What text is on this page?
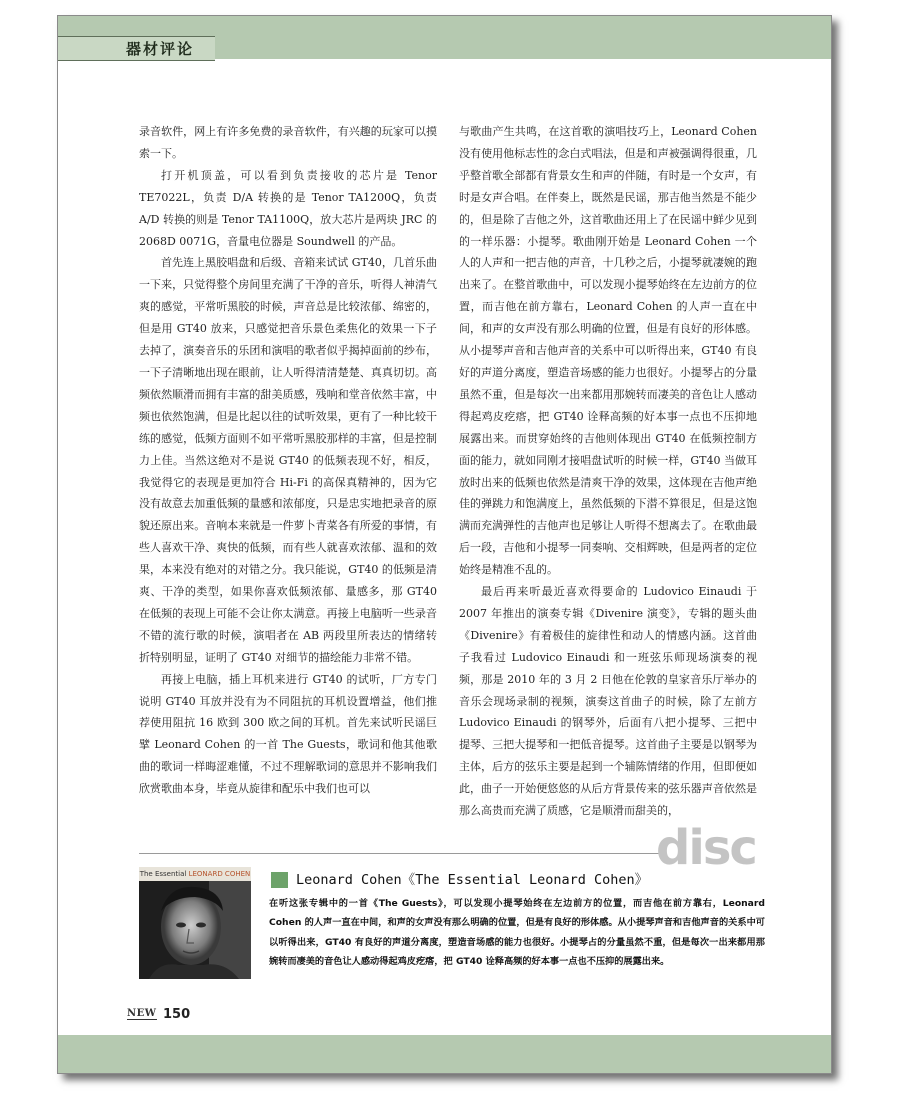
器材评论

录音软件，网上有许多免费的录音软件，有兴趣的玩家可以摸索一下。

打开机顶盖，可以看到负责接收的芯片是 Tenor TE7022L，负责 D/A 转换的是 Tenor TA1200Q，负责 A/D 转换的则是 Tenor TA1100Q，放大芯片是两块 JRC 的 2068D 0071G，音量电位器是 Soundwell 的产品。

首先连上黑胶唱盘和后级、音箱来试试 GT40，几首乐曲一下来，只觉得整个房间里充满了干净的音乐，听得人神清气爽的感觉，平常听黑胶的时候，声音总是比较浓郁、绵密的，但是用 GT40 放来，只感觉把音乐景色柔焦化的效果一下子去掉了，演奏音乐的乐团和演唱的歌者似乎揭掉面前的纱布，一下子清晰地出现在眼前，让人听得清清楚楚、真真切切。高频依然顺滑而拥有丰富的甜美质感，残响和堂音依然丰富，中频也依然饱满，但是比起以往的试听效果，更有了一种比较干练的感觉，低频方面则不如平常听黑胶那样的丰富，但是控制力上佳。当然这绝对不是说 GT40 的低频表现不好，相反，我觉得它的表现是更加符合 Hi-Fi 的高保真精神的，因为它没有故意去加重低频的量感和浓郁度，只是忠实地把录音的原貌还原出来。音响本来就是一件萝卜青菜各有所爱的事情，有些人喜欢干净、爽快的低频，而有些人就喜欢浓郁、温和的效果，本来没有绝对的对错之分。我只能说，GT40 的低频是清爽、干净的类型，如果你喜欢低频浓郁、量感多，那 GT40 在低频的表现上可能不会让你太满意。再接上电脑听一些录音不错的流行歌的时候，演唱者在 AB 两段里所表达的情绪转折特别明显，证明了 GT40 对细节的描绘能力非常不错。

再接上电脑，插上耳机来进行 GT40 的试听，厂方专门说明 GT40 耳放并没有为不同阻抗的耳机设置增益，他们推荐使用阻抗 16 欧到 300 欧之间的耳机。首先来试听民谣巨擘 Leonard Cohen 的一首 The Guests，歌词和他其他歌曲的歌词一样晦涩难懂，不过不理解歌词的意思并不影响我们欣赏歌曲本身，毕竟从旋律和配乐中我们也可以

与歌曲产生共鸣，在这首歌的演唱技巧上，Leonard Cohen 没有使用他标志性的念白式唱法，但是和声被强调得很重，几乎整首歌全部都有背景女生和声的伴随，有时是一个女声，有时是女声合唱。在伴奏上，既然是民谣，那吉他当然是不能少的，但是除了吉他之外，这首歌曲还用上了在民谣中鲜少见到的一样乐器：小提琴。歌曲刚开始是 Leonard Cohen 一个人的人声和一把吉他的声音，十几秒之后，小提琴就凄婉的跑出来了。在整首歌曲中，可以发现小提琴始终在左边前方的位置，而吉他在前方靠右，Leonard Cohen 的人声一直在中间，和声的女声没有那么明确的位置，但是有良好的形体感。从小提琴声音和吉他声音的关系中可以听得出来，GT40 有良好的声道分离度，塑造音场感的能力也很好。小提琴占的分量虽然不重，但是每次一出来都用那婉转而凄美的音色让人感动得起鸡皮疙瘩，把 GT40 诠释高频的好本事一点也不压抑地展露出来。而贯穿始终的吉他则体现出 GT40 在低频控制方面的能力，就如同刚才接唱盘试听的时候一样，GT40 当做耳放时出来的低频也依然是清爽干净的效果，这体现在吉他声绝佳的弹跳力和饱满度上，虽然低频的下潜不算很足，但是这饱满而充满弹性的吉他声也足够让人听得不想离去了。在歌曲最后一段，吉他和小提琴一同奏响、交相辉映，但是两者的定位始终是精准不乱的。

最后再来听最近喜欢得要命的 Ludovico Einaudi 于 2007 年推出的演奏专辑《Divenire 演变》，专辑的题头曲《Divenire》有着极佳的旋律性和动人的情感内涵。这首曲子我看过 Ludovico Einaudi 和一班弦乐师现场演奏的视频，那是 2010 年的 3 月 2 日他在伦敦的皇家音乐厅举办的音乐会现场录制的视频，演奏这首曲子的时候，除了左前方 Ludovico Einaudi 的钢琴外，后面有八把小提琴、三把中提琴、三把大提琴和一把低音提琴。这首曲子主要是以钢琴为主体，后方的弦乐主要是起到一个辅陈情绪的作用，但即便如此，曲子一开始便悠悠的从后方背景传来的弦乐器声音依然是那么高贵而充满了质感，它是顺滑而甜美的，

disc
The Essential LEONARD COHEN	Leonard Cohen《The Essential Leonard Cohen》
在听这张专辑中的一首《The Guests》，可以发现小提琴始终在左边前方的位置，而吉他在前方靠右，Leonard Cohen 的人声一直在中间，和声的女声没有那么明确的位置，但是有良好的形体感。从小提琴声音和吉他声音的关系中可以听得出来，GT40 有良好的声道分离度，塑造音场感的能力也很好。小提琴占的分量虽然不重，但是每次一出来都用那婉转而凄美的音色让人感动得起鸡皮疙瘩，把 GT40 诠释高频的好本事一点也不压抑的展露出来。
NEW 150
